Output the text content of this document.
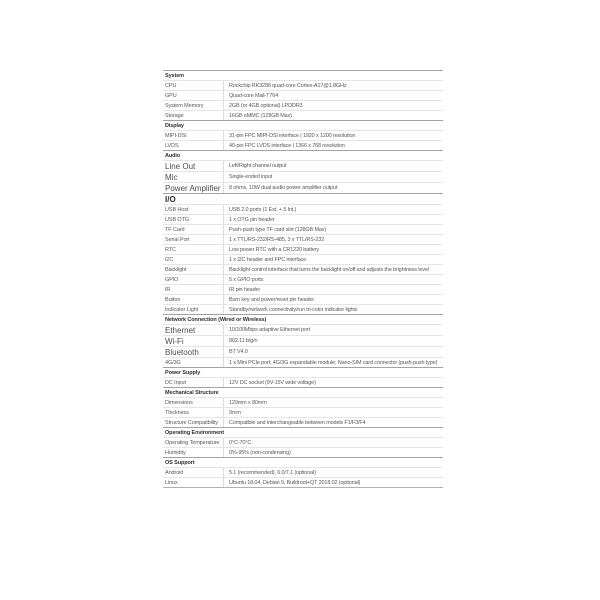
System
CPU	Rockchip RK3288 quad-core Cortex-A17@1.8GHz
GPU	Quad-core Mali-T764
System Memory	2GB (or 4GB optional) LPDDR3
Storage	16GB eMMC (128GB Max)
Display
MIPI-DSI	31-pin FPC MIPI-DSI interface | 1920 x 1200 resolution
LVDS	40-pin FPC LVDS interface | 1366 x 768 resolution
Audio
Line Out	Left/Right channel output
Mic	Single-ended input
Power Amplifier	8 ohms, 10W dual audio power amplifier output
I/O
USB Host	USB 2.0 ports (1 Ext. + 5 Int.)
USB OTG	1 x OTG pin header
TF Card	Push-push type TF card slot (128GB Max)
Serial Port	1 x TTL/RS-232/RS-485, 3 x TTL/RS-232
RTC	Low power RTC with a CR1220 battery
I2C	1 x I2C header and FPC interface
Backlight	Backlight control interface that turns the backlight on/off and adjusts the brightness level
GPIO	5 x GPIO ports
IR	IR pin header
Button	Burn key and power/reset pin header
Indicator Light	Standby/network connectivity/run tri-color indicator lights
Network Connection (Wired or Wireless)
Ethernet	10/100Mbps adaptive Ethernet port
Wi-Fi	802.11 b/g/n
Bluetooth	BT V4.0
4G/3G	1 x Mini PCIe port; 4G/3G expandable module; Nano-SIM card connector (push-push type)
Power Supply
DC Input	12V DC socket (9V-15V wide voltage)
Mechanical Structure
Dimensions	120mm x 80mm
Thickness	9mm
Structure Compatibility	Compatible and interchangeable between models F1/F3/F4
Operating Environment
Operating Temperature	0°C-70°C
Humidity	0%-95% (non-condensing)
OS Support
Android	5.1 (recommended), 6.0/7.1 (optional)
Linux	Ubuntu 18.04, Debian 9, Buildroot+QT 2018.02 (optional)
